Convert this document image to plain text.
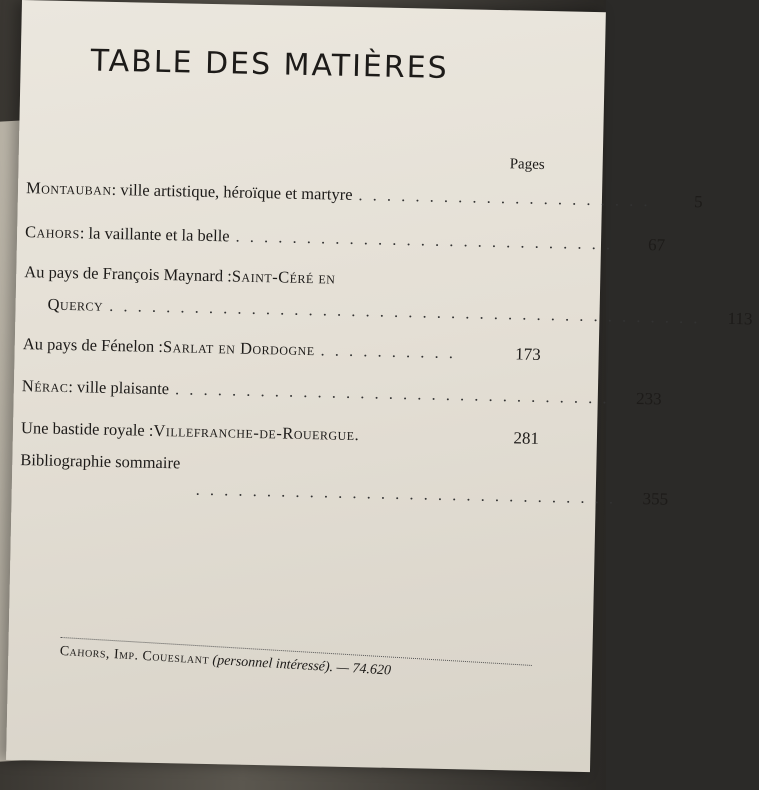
TABLE DES MATIÈRES
Pages
Montauban : ville artistique, héroïque et martyre . . . . . . . . . . . . . . . . . . . . .	5
Cahors : la vaillante et la belle . . . . . . . . . . . . . . . . . . . . . . . . . . .	67
Au pays de François Maynard : Saint-Céré en
Quercy . . . . . . . . . . . . . . . . . . . . . . . . . . . . . . . . . . . . . . . . . .	113
Au pays de Fénelon : Sarlat en Dordogne . . . . . . . . . .	173
Nérac : ville plaisante . . . . . . . . . . . . . . . . . . . . . . . . . . . . . . .	233
Une bastide royale : Villefranche-de-Rouergue .	281
Bibliographie sommaire
. . . . . . . . . . . . . . . . . . . . . . . . . . . . . .	355
Cahors, Imp. Coueslant (personnel intéressé). — 74.620
